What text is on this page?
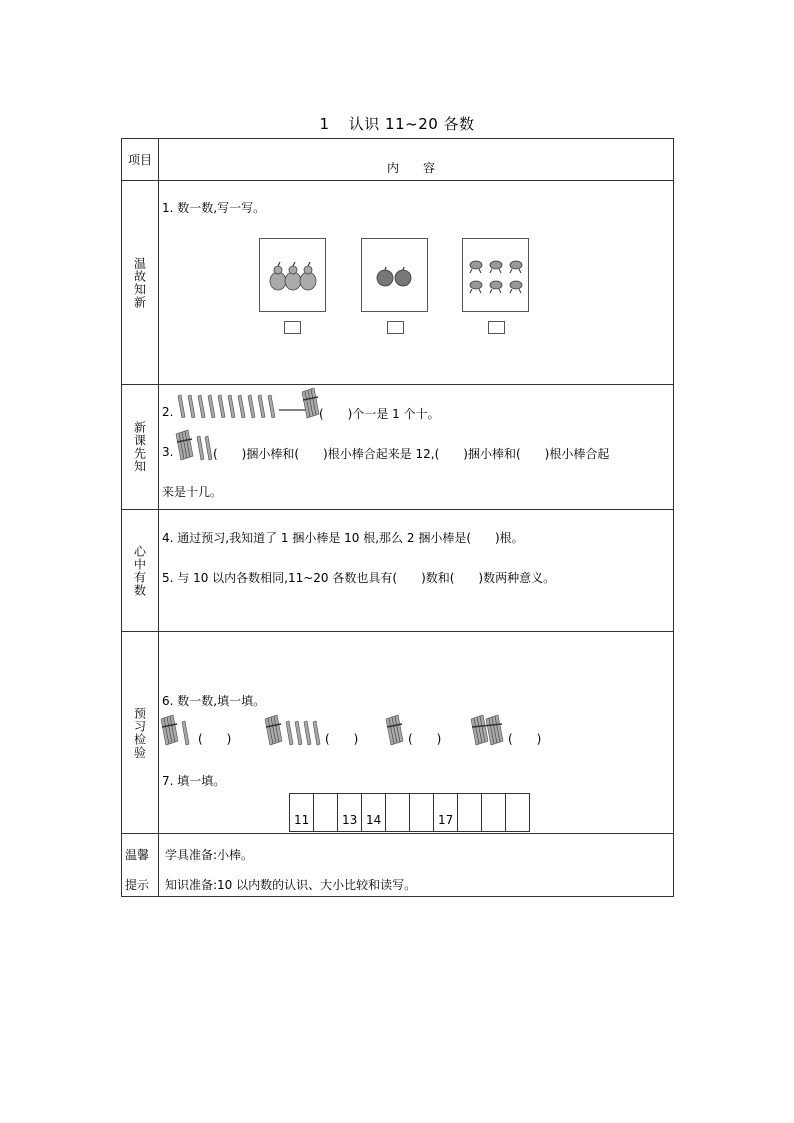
1 认识 11~20 各数
项目
内　　容
温故知新
1. 数一数,写一写。
新课先知
2.	(　　)个一是 1 个十。
3.	(　　)捆小棒和(　　)根小棒合起来是 12,(　　)捆小棒和(　　)根小棒合起
来是十几。
心中有数
4. 通过预习,我知道了 1 捆小棒是 10 根,那么 2 捆小棒是(　　)根。
5. 与 10 以内各数相同,11~20 各数也具有(　　)数和(　　)数两种意义。
预习检验
6. 数一数,填一填。
(　　)	(　　)	(　　)	(　　)
7. 填一填。
11		13	14			17			
温馨
提示
学具准备:小棒。
知识准备:10 以内数的认识、大小比较和读写。
